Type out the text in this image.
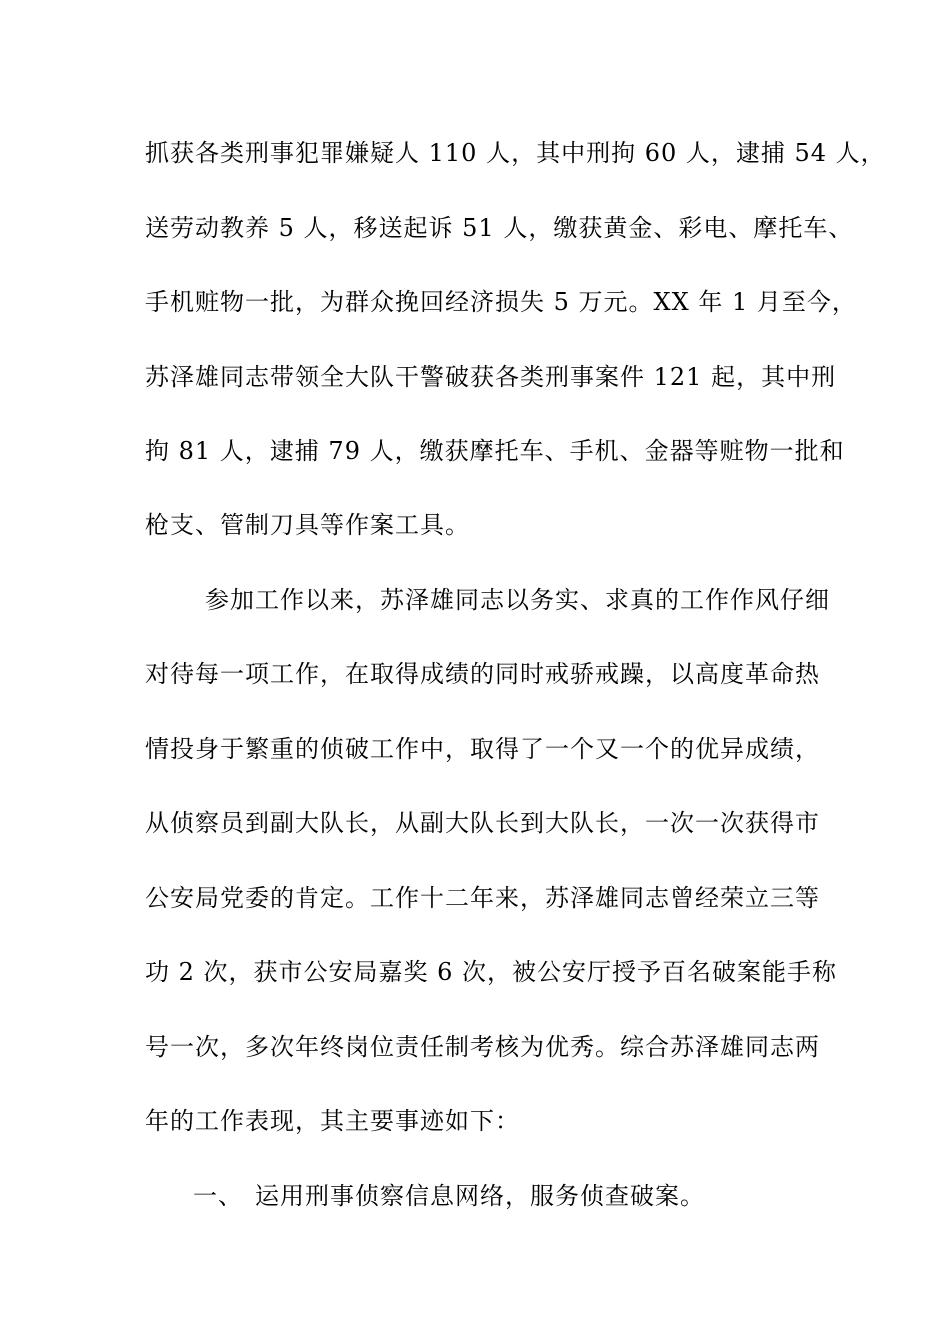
抓获各类刑事犯罪嫌疑人 110 人，其中刑拘 60 人，逮捕 54 人，
送劳动教养 5 人，移送起诉 51 人，缴获黄金、彩电、摩托车、
手机赃物一批，为群众挽回经济损失 5 万元。XX 年 1 月至今，
苏泽雄同志带领全大队干警破获各类刑事案件 121 起，其中刑
拘 81 人，逮捕 79 人，缴获摩托车、手机、金器等赃物一批和
枪支、管制刀具等作案工具。
参加工作以来，苏泽雄同志以务实、求真的工作作风仔细
对待每一项工作，在取得成绩的同时戒骄戒躁，以高度革命热
情投身于繁重的侦破工作中，取得了一个又一个的优异成绩，
从侦察员到副大队长，从副大队长到大队长，一次一次获得市
公安局党委的肯定。工作十二年来，苏泽雄同志曾经荣立三等
功 2 次，获市公安局嘉奖 6 次，被公安厅授予百名破案能手称
号一次，多次年终岗位责任制考核为优秀。综合苏泽雄同志两
年的工作表现，其主要事迹如下：
一、 运用刑事侦察信息网络，服务侦查破案。
